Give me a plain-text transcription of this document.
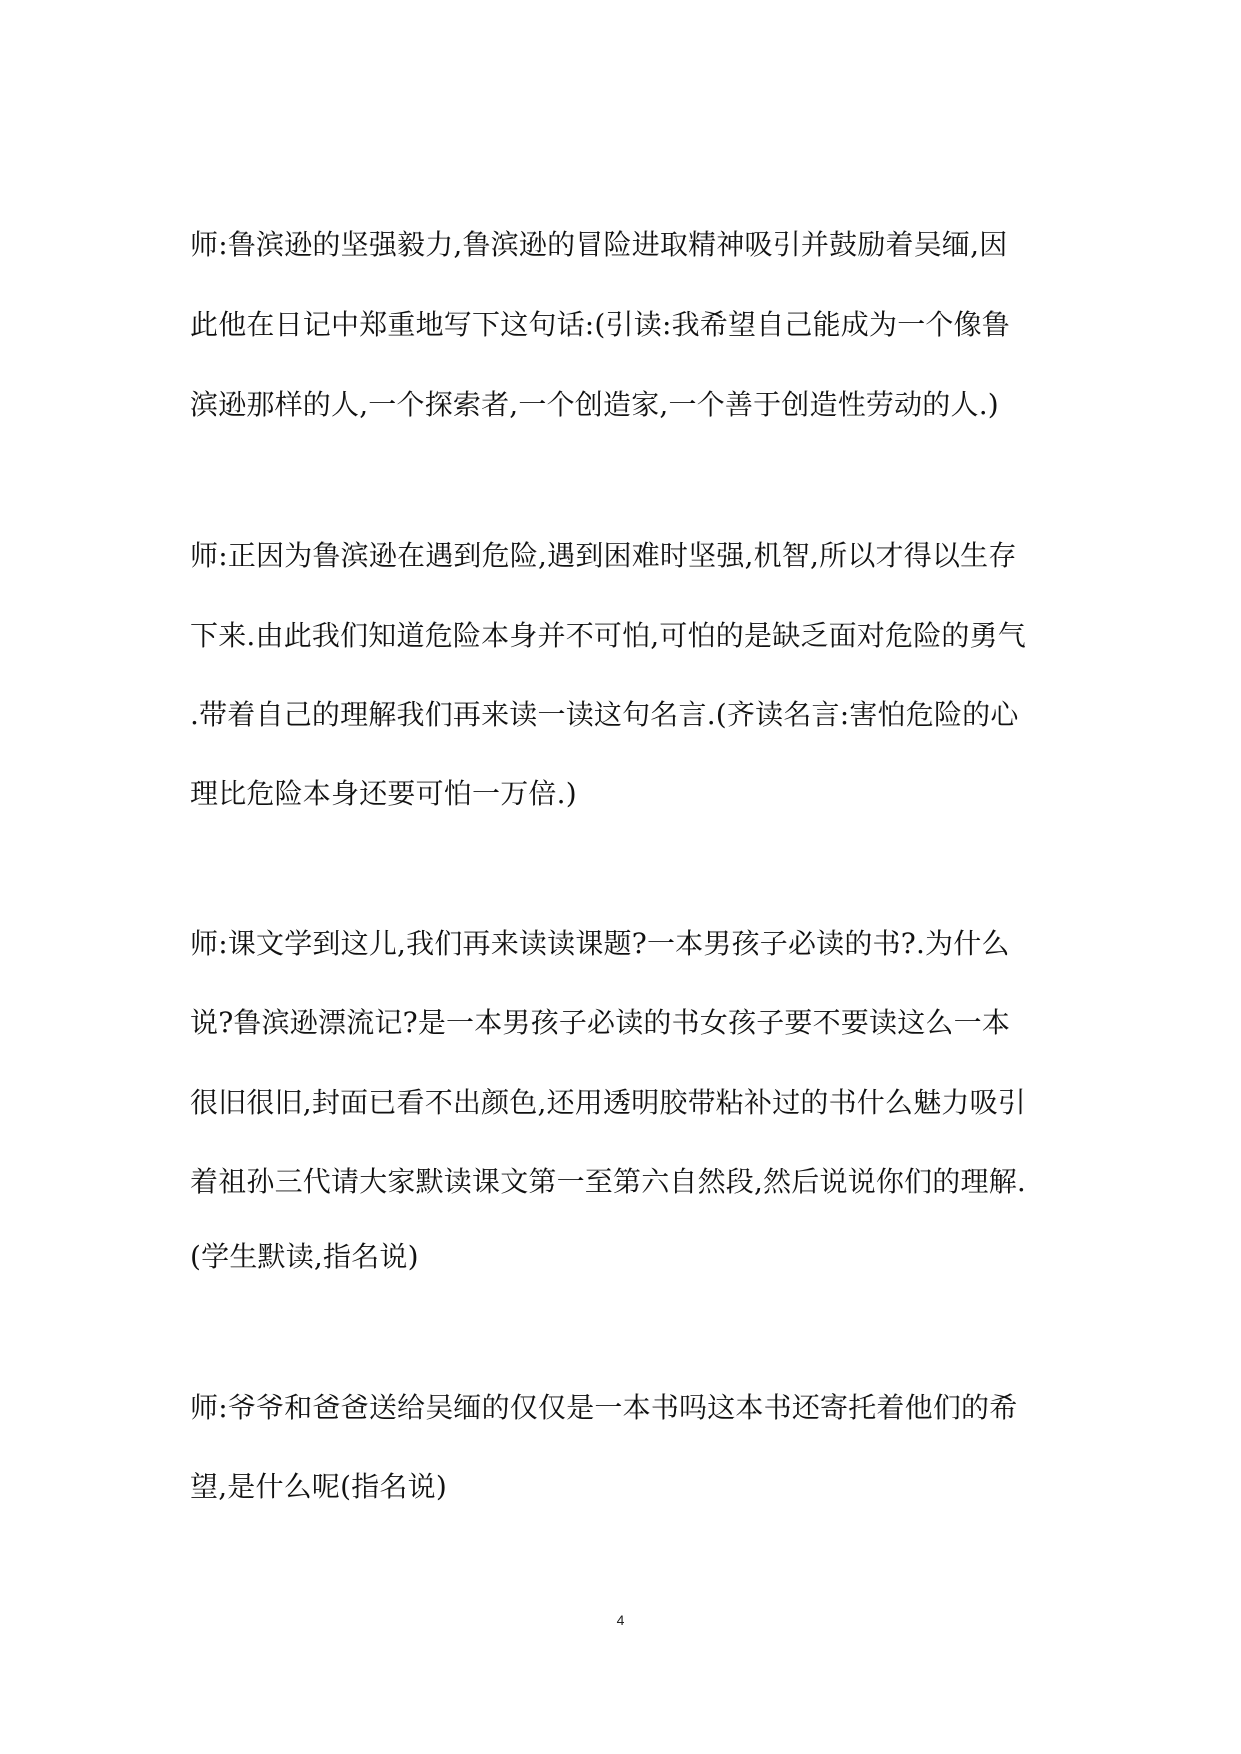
师:鲁滨逊的坚强毅力,鲁滨逊的冒险进取精神吸引并鼓励着吴缅,因
此他在日记中郑重地写下这句话:(引读:我希望自己能成为一个像鲁
滨逊那样的人,一个探索者,一个创造家,一个善于创造性劳动的人.)
师:正因为鲁滨逊在遇到危险,遇到困难时坚强,机智,所以才得以生存
下来.由此我们知道危险本身并不可怕,可怕的是缺乏面对危险的勇气
.带着自己的理解我们再来读一读这句名言.(齐读名言:害怕危险的心
理比危险本身还要可怕一万倍.)
师:课文学到这儿,我们再来读读课题?一本男孩子必读的书?.为什么
说?鲁滨逊漂流记?是一本男孩子必读的书女孩子要不要读这么一本
很旧很旧,封面已看不出颜色,还用透明胶带粘补过的书什么魅力吸引
着祖孙三代请大家默读课文第一至第六自然段,然后说说你们的理解.
(学生默读,指名说)
师:爷爷和爸爸送给吴缅的仅仅是一本书吗这本书还寄托着他们的希
望,是什么呢(指名说)
4
